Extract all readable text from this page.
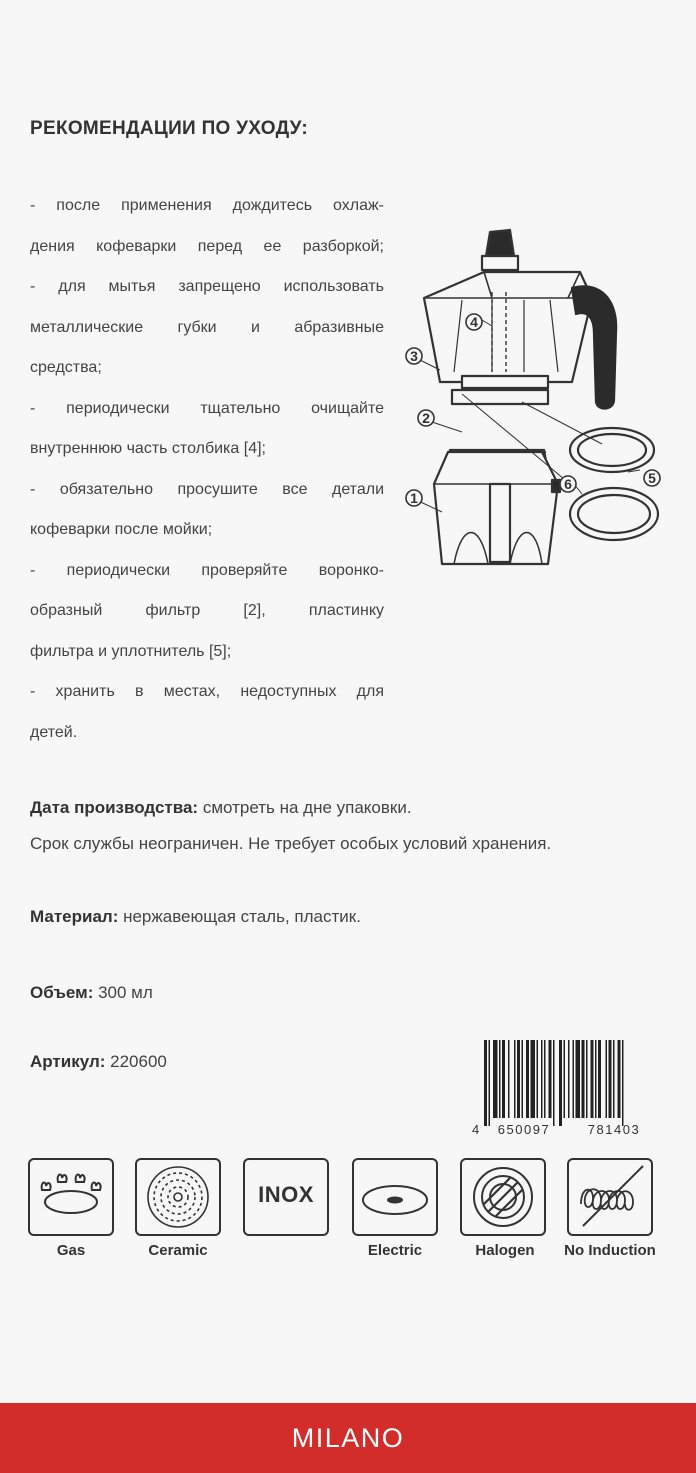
РЕКОМЕНДАЦИИ ПО УХОДУ:
- после применения дождитесь охлаж-
дения кофеварки перед ее разборкой;
- для мытья запрещено использовать
металлические губки и абразивные
средства;
- периодически тщательно очищайте
внутреннюю часть столбика [4];
- обязательно просушите все детали
кофеварки после мойки;
- периодически проверяйте воронко-
образный фильтр [2], пластинку
фильтра и уплотнитель [5];
- хранить в местах, недоступных для
детей.
1
2
3
4
5
6
Дата производства: смотреть на дне упаковки.
Срок службы неограничен. Не требует особых условий хранения.
Материал: нержавеющая сталь, пластик.
Объем: 300 мл
Артикул: 220600
4 650097	781403
Gas	Ceramic
INOX
Electric	Halogen	No Induction
MILANO
